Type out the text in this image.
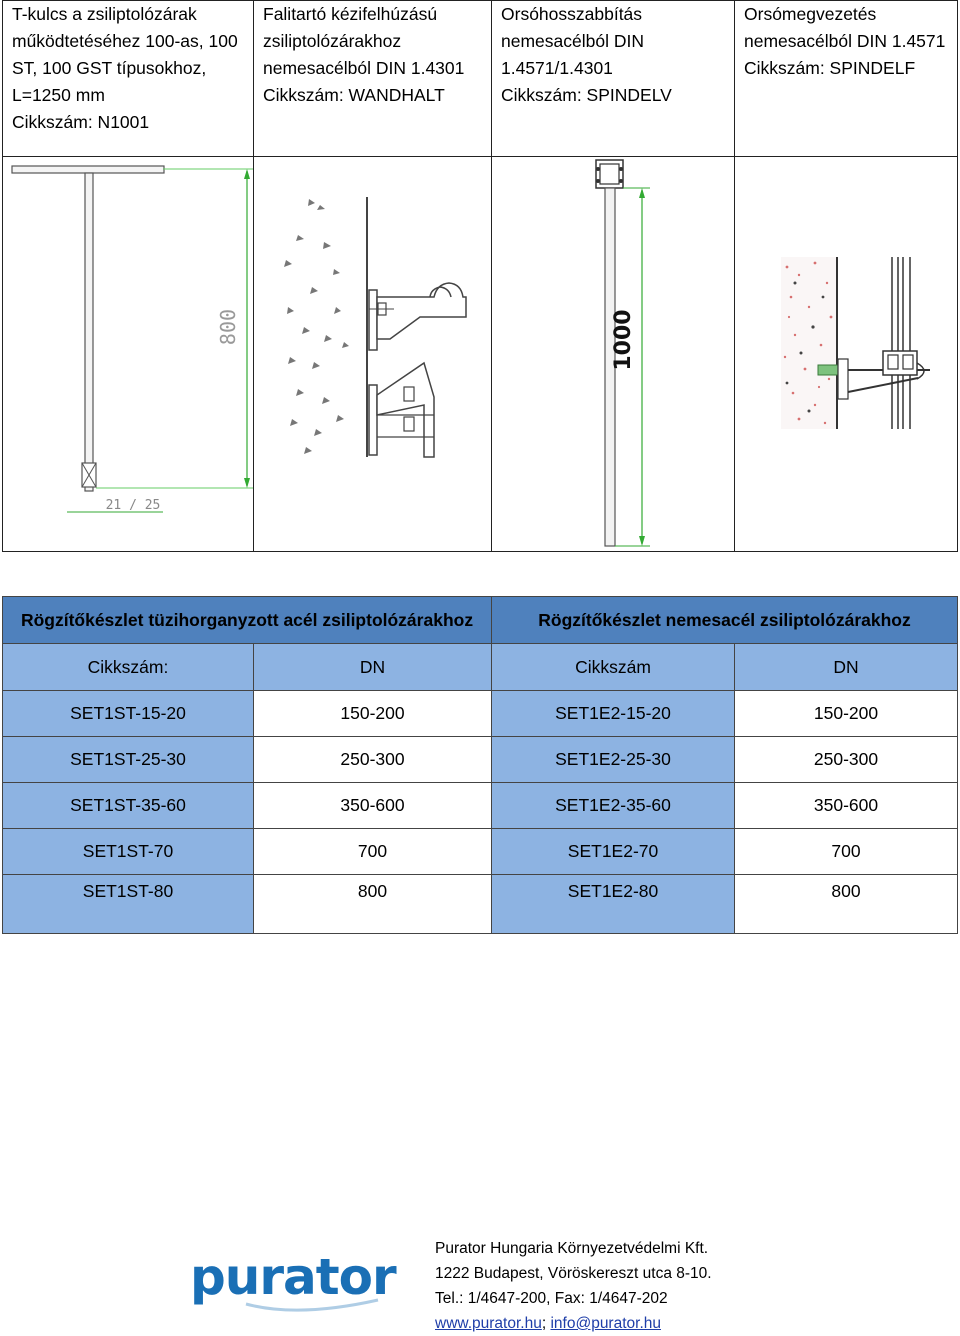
T-kulcs a zsiliptolózárak
működtetéséhez 100-as, 100
ST, 100 GST típusokhoz,
L=1250 mm
Cikkszám: N1001	Falitartó kézifelhúzású
zsiliptolózárakhoz
nemesacélból DIN 1.4301
Cikkszám: WANDHALT	Orsóhosszabbítás
nemesacélból DIN
1.4571/1.4301
Cikkszám: SPINDELV	Orsómegvezetés
nemesacélból DIN 1.4571
Cikkszám: SPINDELF

800
21 / 25		1000

Rögzítőkészlet tüzihorganyzott acél zsiliptolózárakhoz		Rögzítőkészlet nemesacél zsiliptolózárakhoz	
Cikkszám:	DN	Cikkszám	DN
SET1ST-15-20	150-200	SET1E2-15-20	150-200
SET1ST-25-30	250-300	SET1E2-25-30	250-300
SET1ST-35-60	350-600	SET1E2-35-60	350-600
SET1ST-70	700	SET1E2-70	700
SET1ST-80	800	SET1E2-80	800
purator	Purator Hungaria Környezetvédelmi Kft.
1222 Budapest, Vöröskereszt utca 8-10.
Tel.: 1/4647-200, Fax: 1/4647-202
www.purator.hu; info@purator.hu
